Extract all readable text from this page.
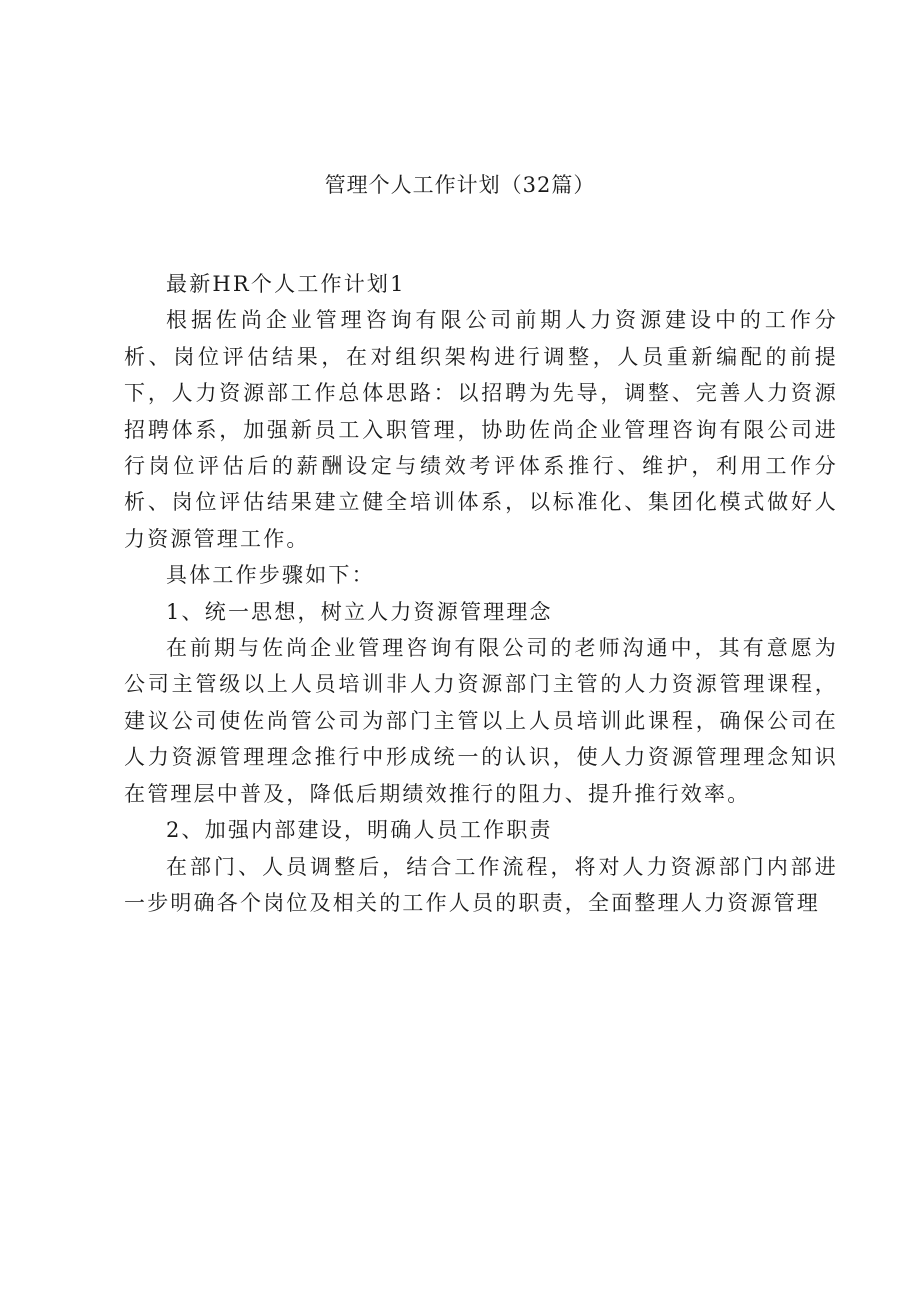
管理个人工作计划（32篇）

最新HR个人工作计划1

根据佐尚企业管理咨询有限公司前期人力资源建设中的工作分析、岗位评估结果，在对组织架构进行调整，人员重新编配的前提下，人力资源部工作总体思路：以招聘为先导，调整、完善人力资源招聘体系，加强新员工入职管理，协助佐尚企业管理咨询有限公司进行岗位评估后的薪酬设定与绩效考评体系推行、维护，利用工作分析、岗位评估结果建立健全培训体系，以标准化、集团化模式做好人力资源管理工作。

具体工作步骤如下：

1、统一思想，树立人力资源管理理念

在前期与佐尚企业管理咨询有限公司的老师沟通中，其有意愿为公司主管级以上人员培训非人力资源部门主管的人力资源管理课程，建议公司使佐尚管公司为部门主管以上人员培训此课程，确保公司在人力资源管理理念推行中形成统一的认识，使人力资源管理理念知识在管理层中普及，降低后期绩效推行的阻力、提升推行效率。

2、加强内部建设，明确人员工作职责

在部门、人员调整后，结合工作流程，将对人力资源部门内部进一步明确各个岗位及相关的工作人员的职责，全面整理人力资源管理
